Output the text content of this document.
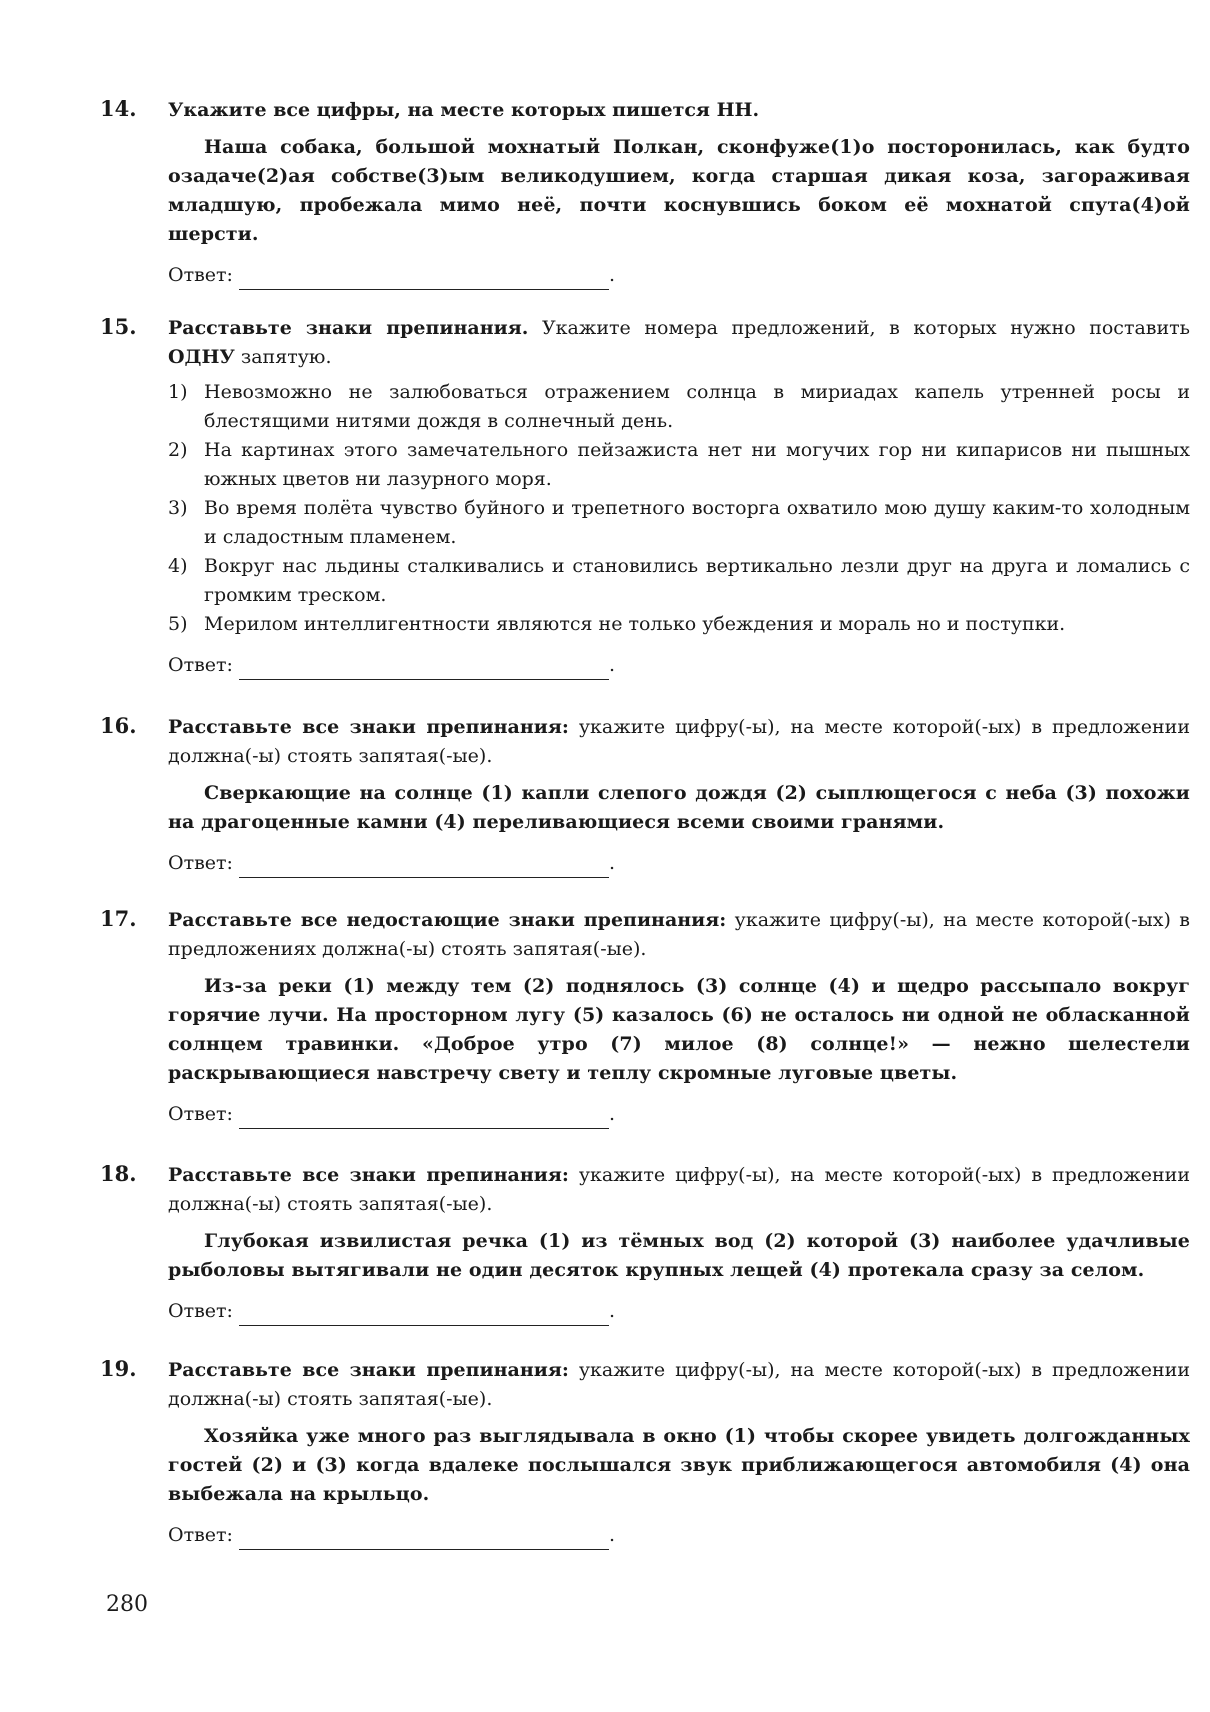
14. Укажите все цифры, на месте которых пишется НН.

Наша собака, большой мохнатый Полкан, сконфуже(1)о посторонилась, как будто озадаче(2)ая собстве(3)ым великодушием, когда старшая дикая коза, загораживая младшую, пробежала мимо неё, почти коснувшись боком её мохнатой спута(4)ой шерсти.

Ответ:	.
15. Расставьте знаки препинания. Укажите номера предложений, в которых нужно поставить ОДНУ запятую.

1) Невозможно не залюбоваться отражением солнца в мириадах капель утренней росы и блестящими нитями дождя в солнечный день.
2) На картинах этого замечательного пейзажиста нет ни могучих гор ни кипарисов ни пышных южных цветов ни лазурного моря.
3) Во время полёта чувство буйного и трепетного восторга охватило мою душу каким-то холодным и сладостным пламенем.
4) Вокруг нас льдины сталкивались и становились вертикально лезли друг на друга и ломались с громким треском.
5) Мерилом интеллигентности являются не только убеждения и мораль но и поступки.
Ответ:	.
16. Расставьте все знаки препинания: укажите цифру(-ы), на месте которой(-ых) в предложении должна(-ы) стоять запятая(-ые).

Сверкающие на солнце (1) капли слепого дождя (2) сыплющегося с неба (3) похожи на драгоценные камни (4) переливающиеся всеми своими гранями.

Ответ:	.
17. Расставьте все недостающие знаки препинания: укажите цифру(-ы), на месте которой(-ых) в предложениях должна(-ы) стоять запятая(-ые).

Из-за реки (1) между тем (2) поднялось (3) солнце (4) и щедро рассыпало вокруг горячие лучи. На просторном лугу (5) казалось (6) не осталось ни одной не обласканной солнцем травинки. «Доброе утро (7) милое (8) солнце!» — нежно шелестели раскрывающиеся навстречу свету и теплу скромные луговые цветы.

Ответ:	.
18. Расставьте все знаки препинания: укажите цифру(-ы), на месте которой(-ых) в предложении должна(-ы) стоять запятая(-ые).

Глубокая извилистая речка (1) из тёмных вод (2) которой (3) наиболее удачливые рыболовы вытягивали не один десяток крупных лещей (4) протекала сразу за селом.

Ответ:	.
19. Расставьте все знаки препинания: укажите цифру(-ы), на месте которой(-ых) в предложении должна(-ы) стоять запятая(-ые).

Хозяйка уже много раз выглядывала в окно (1) чтобы скорее увидеть долгожданных гостей (2) и (3) когда вдалеке послышался звук приближающегося автомобиля (4) она выбежала на крыльцо.

Ответ:	.
280
